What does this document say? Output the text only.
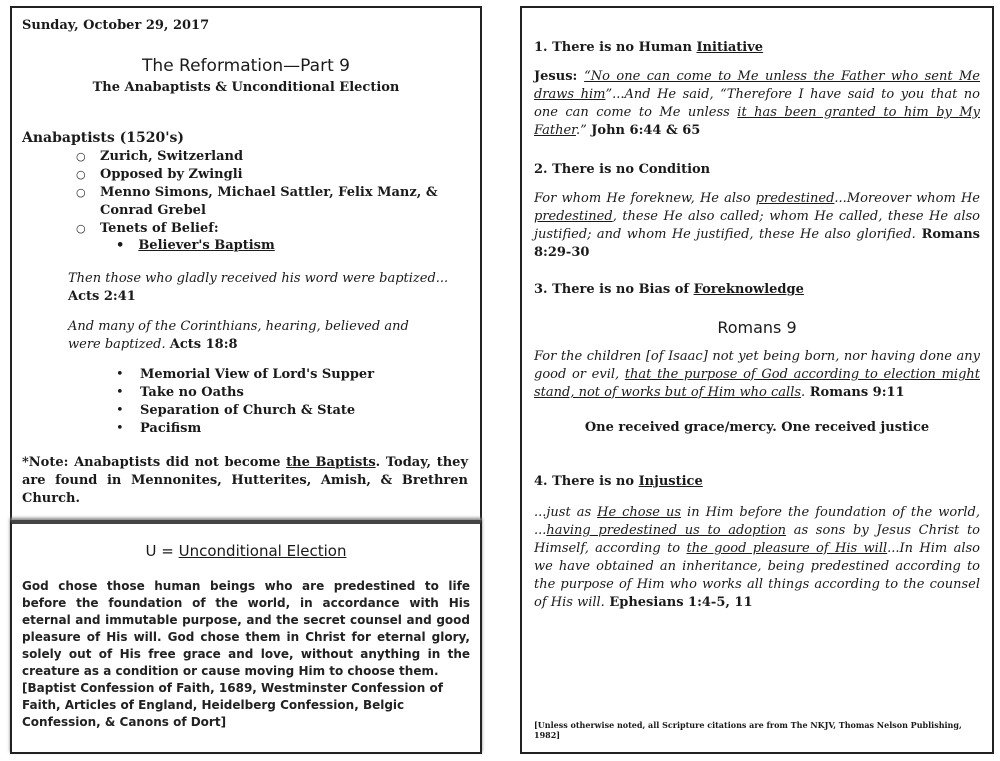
Sunday, October 29, 2017
The Reformation—Part 9
The Anabaptists & Unconditional Election
Anabaptists (1520's)
○ Zurich, Switzerland
○ Opposed by Zwingli
○ Menno Simons, Michael Sattler, Felix Manz, &
Conrad Grebel
○ Tenets of Belief:
• Believer's Baptism
Then those who gladly received his word were baptized...
Acts 2:41
And many of the Corinthians, hearing, believed and
were baptized. Acts 18:8
• Memorial View of Lord's Supper
• Take no Oaths
• Separation of Church & State
• Pacifism
*Note: Anabaptists did not become the Baptists. Today, they are found in Mennonites, Hutterites, Amish, & Brethren Church.
U = Unconditional Election
God chose those human beings who are predestined to life before the foundation of the world, in accordance with His eternal and immutable purpose, and the secret counsel and good pleasure of His will. God chose them in Christ for eternal glory, solely out of His free grace and love, without anything in the creature as a condition or cause moving Him to choose them.
[Baptist Confession of Faith, 1689, Westminster Confession of Faith, Articles of England, Heidelberg Confession, Belgic Confession, & Canons of Dort]
1. There is no Human Initiative
Jesus: “No one can come to Me unless the Father who sent Me draws him”...And He said, “Therefore I have said to you that no one can come to Me unless it has been granted to him by My Father.” John 6:44 & 65
2. There is no Condition
For whom He foreknew, He also predestined...Moreover whom He predestined, these He also called; whom He called, these He also justified; and whom He justified, these He also glorified. Romans 8:29-30
3. There is no Bias of Foreknowledge
Romans 9
For the children [of Isaac] not yet being born, nor having done any good or evil, that the purpose of God according to election might stand, not of works but of Him who calls. Romans 9:11
One received grace/mercy. One received justice
4. There is no Injustice
...just as He chose us in Him before the foundation of the world, ...having predestined us to adoption as sons by Jesus Christ to Himself, according to the good pleasure of His will...In Him also we have obtained an inheritance, being predestined according to the purpose of Him who works all things according to the counsel of His will. Ephesians 1:4-5, 11
[Unless otherwise noted, all Scripture citations are from The NKJV, Thomas Nelson Publishing, 1982]
